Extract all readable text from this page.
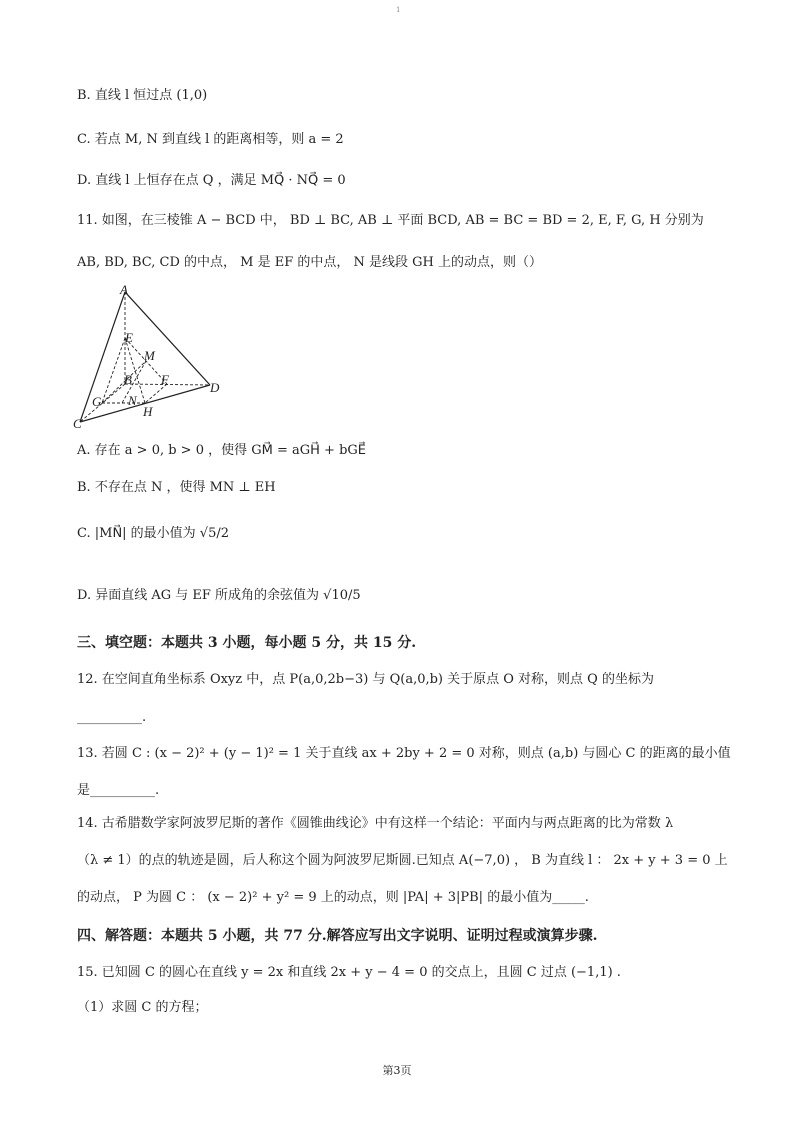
1
B. 直线 l 恒过点 (1,0)
C. 若点 M, N 到直线 l 的距离相等，则 a = 2
D. 直线 l 上恒存在点 Q ，满足 MQ⃗ · NQ⃗ = 0
11. 如图，在三棱锥 A − BCD 中， BD ⊥ BC, AB ⊥ 平面 BCD, AB = BC = BD = 2, E, F, G, H 分别为
AB, BD, BC, CD 的中点， M 是 EF 的中点， N 是线段 GH 上的动点，则（）
A. 存在 a > 0, b > 0 ，使得 GM⃗ = aGH⃗ + bGE⃗
B. 不存在点 N ，使得 MN ⊥ EH
C. |MN⃗| 的最小值为 √5/2
D. 异面直线 AG 与 EF 所成角的余弦值为 √10/5
三、填空题：本题共 3 小题，每小题 5 分，共 15 分.
12. 在空间直角坐标系 Oxyz 中，点 P(a,0,2b−3) 与 Q(a,0,b) 关于原点 O 对称，则点 Q 的坐标为
__________.
13. 若圆 C : (x − 2)² + (y − 1)² = 1 关于直线 ax + 2by + 2 = 0 对称，则点 (a,b) 与圆心 C 的距离的最小值
是__________.
14. 古希腊数学家阿波罗尼斯的著作《圆锥曲线论》中有这样一个结论：平面内与两点距离的比为常数 λ
（λ ≠ 1）的点的轨迹是圆，后人称这个圆为阿波罗尼斯圆.已知点 A(−7,0) ， B 为直线 l ： 2x + y + 3 = 0 上
的动点， P 为圆 C ： (x − 2)² + y² = 9 上的动点，则 |PA| + 3|PB| 的最小值为_____.
四、解答题：本题共 5 小题，共 77 分.解答应写出文字说明、证明过程或演算步骤.
15. 已知圆 C 的圆心在直线 y = 2x 和直线 2x + y − 4 = 0 的交点上，且圆 C 过点 (−1,1) .
（1）求圆 C 的方程；
A
E
M
B F
D
G N
H
C
第3页
